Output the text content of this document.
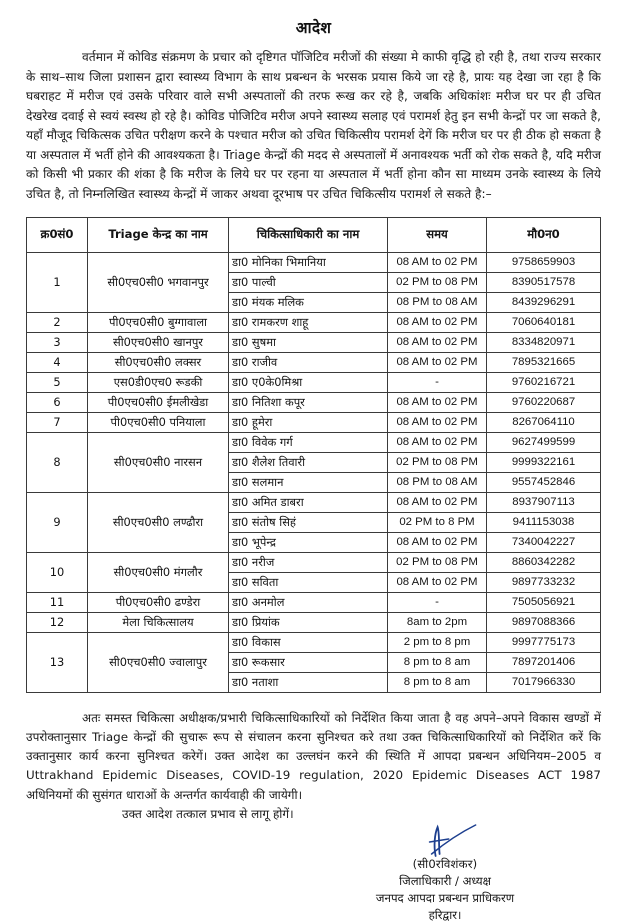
आदेश

वर्तमान में कोविड संक्रमण के प्रचार को दृष्टिगत पॉजिटिव मरीजों की संख्या मे काफी वृद्धि हो रही है, तथा राज्य सरकार के साथ–साथ जिला प्रशासन द्वारा स्वास्थ्य विभाग के साथ प्रबन्धन के भरसक प्रयास किये जा रहे है, प्रायः यह देखा जा रहा है कि घबराहट में मरीज एवं उसके परिवार वाले सभी अस्पतालों की तरफ रूख कर रहे है, जबकि अधिकांशः मरीज घर पर ही उचित देखरेख दवाई से स्वयं स्वस्थ हो रहे है। कोविड पोजिटिव मरीज अपने स्वास्थ्य सलाह एवं परामर्श हेतु इन सभी केन्द्रों पर जा सकते है, यहॉं मौजूद चिकित्सक उचित परीक्षण करने के पश्चात मरीज को उचित चिकित्सीय परामर्श देगें कि मरीज घर पर ही ठीक हो सकता है या अस्पताल में भर्ती होने की आवश्यकता है। Triage केन्द्रों की मदद से अस्पतालों में अनावश्यक भर्ती को रोक सकते है, यदि मरीज को किसी भी प्रकार की शंका है कि मरीज के लिये घर पर रहना या अस्पताल में भर्ती होना कौन सा माध्यम उनके स्वास्थ्य के लिये उचित है, तो निम्नलिखित स्वास्थ्य केन्द्रों में जाकर अथवा दूरभाष पर उचित चिकित्सीय परामर्श ले सकते है:–

क्र0सं0	Triage केन्द्र का नाम	चिकित्साधिकारी का नाम	समय	मौ0न0
1	सी0एच0सी0 भगवानपुर	डा0 मोनिका भिमानिया	08 AM to 02 PM	9758659903
		डा0 पाल्वी	02 PM to 08 PM	8390517578
		डा0 मंयक मलिक	08 PM to 08 AM	8439296291
2	पी0एच0सी0 बुग्गावाला	डा0 रामकरण शाहू	08 AM to 02 PM	7060640181
3	सी0एच0सी0 खानपुर	डा0 सुषमा	08 AM to 02 PM	8334820971
4	सी0एच0सी0 लक्सर	डा0 राजीव	08 AM to 02 PM	7895321665
5	एस0डी0एच0 रूडकी	डा0 ए0के0मिश्रा	-	9760216721
6	पी0एच0सी0 ईमलीखेडा	डा0 नितिशा कपूर	08 AM to 02 PM	9760220687
7	पी0एच0सी0 पनियाला	डा0 हूमेरा	08 AM to 02 PM	8267064110
8	सी0एच0सी0 नारसन	डा0 विवेक गर्ग	08 AM to 02 PM	9627499599
		डा0 शैलेश तिवारी	02 PM to 08 PM	9999322161
		डा0 सलमान	08 PM to 08 AM	9557452846
9	सी0एच0सी0 लण्ढौरा	डा0 अमित डाबरा	08 AM to 02 PM	8937907113
		डा0 संतोष सिहं	02 PM to 8 PM	9411153038
		डा0 भूपेन्द्र	08 AM to 02 PM	7340042227
10	सी0एच0सी0 मंगलौर	डा0 नरीज	02 PM to 08 PM	8860342282
		डा0 सविता	08 AM to 02 PM	9897733232
11	पी0एच0सी0 ढण्डेरा	डा0 अनमोल	-	7505056921
12	मेला चिकित्सालय	डा0 प्रियांक	8am to 2pm	9897088366
13	सी0एच0सी0 ज्वालापुर	डा0 विकास	2 pm to 8 pm	9997775173
		डा0 रूकसार	8 pm to 8 am	7897201406
		डा0 नताशा	8 pm to 8 am	7017966330

अतः समस्त चिकित्सा अधीक्षक/प्रभारी चिकित्साधिकारियों को निर्देशित किया जाता है वह अपने–अपने विकास खण्डों में उपरोक्तानुसार Triage केन्द्रों की सुचारू रूप से संचालन करना सुनिश्चत करे तथा उक्त चिकित्साधिकारियों को निर्देशित करें कि उक्तानुसार कार्य करना सुनिश्चत करेगें। उक्त आदेश का उल्लघंन करने की स्थिति में आपदा प्रबन्धन अधिनियम–2005 व Uttrakhand Epidemic Diseases, COVID-19 regulation, 2020 Epidemic Diseases ACT 1987 अधिनियमों की सुसंगत धाराओं के अन्तर्गत कार्यवाही की जायेगी।

उक्त आदेश तत्काल प्रभाव से लागू होगें।

(सी0रविशंकर)
जिलाधिकारी / अध्यक्ष
जनपद आपदा प्रबन्धन प्राधिकरण
हरिद्वार।
